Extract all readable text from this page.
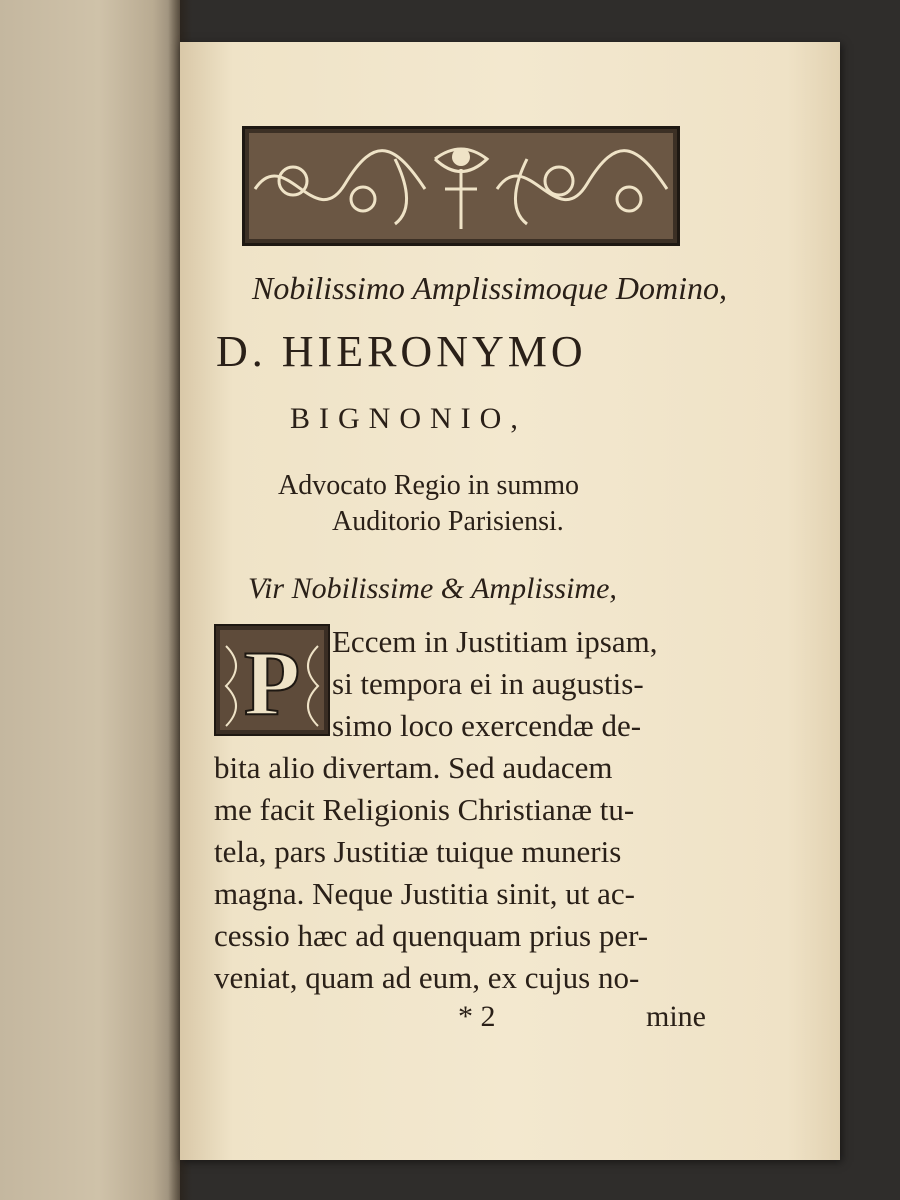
Nobilissimo Amplissimoque Domino,
D. HIERONYMO
BIGNONIO,
Advocato Regio in summo
Auditorio Parisiensi.
Vir Nobilissime & Amplissime,
P Eccem in Justitiam ipsam,
si tempora ei in augustis-
simo loco exercendæ de-
bita alio divertam. Sed audacem
me facit Religionis Christianæ tu-
tela, pars Justitiæ tuique muneris
magna. Neque Justitia sinit, ut ac-
cessio hæc ad quenquam prius per-
veniat, quam ad eum, ex cujus no-
* 2	mine
